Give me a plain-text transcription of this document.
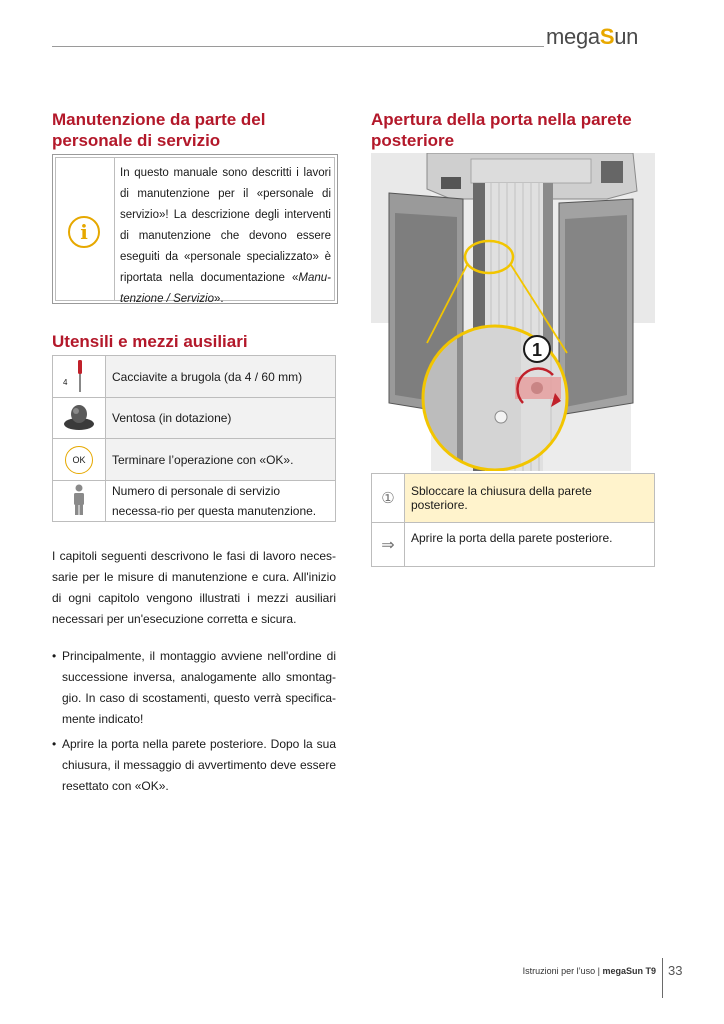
megaSun
Manutenzione da parte del
personale di servizio
i
In questo manuale sono descritti i lavori di manutenzione per il «personale di servizio»! La descrizione degli interventi di manutenzione che devono essere eseguiti da «personale specializzato» è riportata nella documentazione «Manu-tenzione / Servizio».
Utensili e mezzi ausiliari
4	Cacciavite a brugola (da 4 / 60 mm)
	Ventosa (in dotazione)
OK	Terminare l’operazione con «OK».
	Numero di personale di servizio necessa-rio per questa manutenzione.
I capitoli seguenti descrivono le fasi di lavoro neces-sarie per le misure di manutenzione e cura. All'inizio di ogni capitolo vengono illustrati i mezzi ausiliari necessari per un'esecuzione corretta e sicura.
• Principalmente, il montaggio avviene nell'ordine di successione inversa, analogamente allo smontag-gio. In caso di scostamenti, questo verrà specifica-mente indicato!
• Aprire la porta nella parete posteriore. Dopo la sua chiusura, il messaggio di avvertimento deve essere resettato con «OK».
Apertura della porta nella parete
posteriore
1
①	Sbloccare la chiusura della parete posteriore.
⇒	Aprire la porta della parete posteriore.
Istruzioni per l’uso | megaSun T9 33
